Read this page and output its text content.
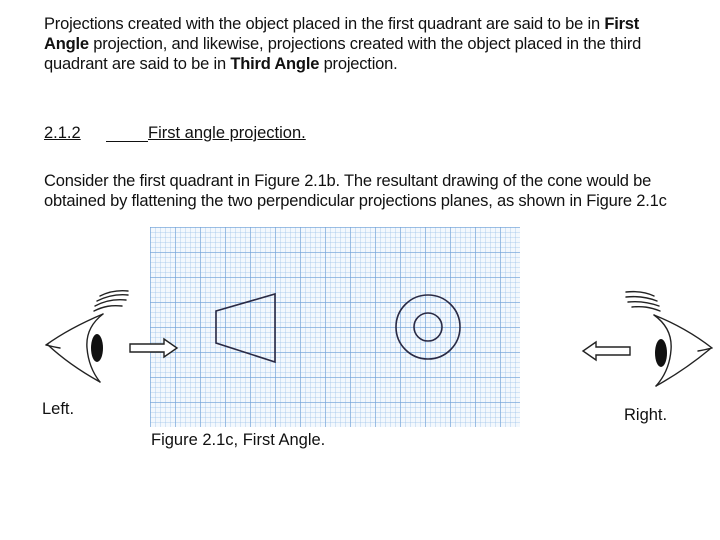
Projections created with the object placed in the first quadrant are said to be in First
Angle projection, and likewise, projections created with the object placed in the third
quadrant are said to be in Third Angle projection.
2.1.2	First angle projection.
Consider the first quadrant in Figure 2.1b. The resultant drawing of the cone would be
obtained by flattening the two perpendicular projections planes, as shown in Figure 2.1c
Left.	Right.
Figure 2.1c, First Angle.
